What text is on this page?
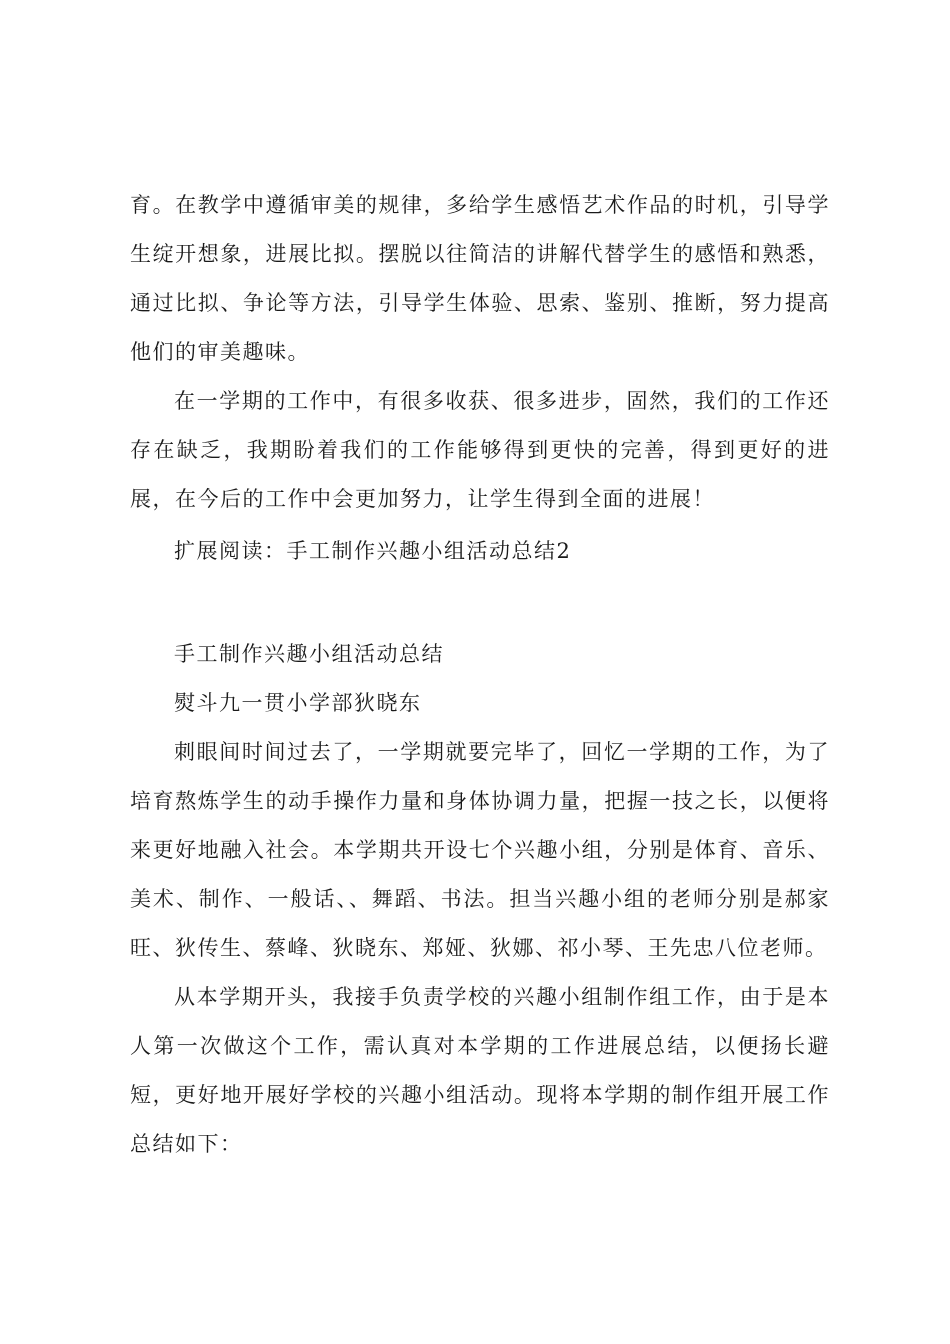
育。在教学中遵循审美的规律，多给学生感悟艺术作品的时机，引导学生绽开想象，进展比拟。摆脱以往简洁的讲解代替学生的感悟和熟悉，通过比拟、争论等方法，引导学生体验、思索、鉴别、推断，努力提高他们的审美趣味。

在一学期的工作中，有很多收获、很多进步，固然，我们的工作还存在缺乏，我期盼着我们的工作能够得到更快的完善，得到更好的进展，在今后的工作中会更加努力，让学生得到全面的进展！

扩展阅读：手工制作兴趣小组活动总结2

手工制作兴趣小组活动总结

熨斗九一贯小学部狄晓东

刺眼间时间过去了，一学期就要完毕了，回忆一学期的工作，为了培育熬炼学生的动手操作力量和身体协调力量，把握一技之长，以便将来更好地融入社会。本学期共开设七个兴趣小组，分别是体育、音乐、美术、制作、一般话、、舞蹈、书法。担当兴趣小组的老师分别是郝家旺、狄传生、蔡峰、狄晓东、郑娅、狄娜、祁小琴、王先忠八位老师。

从本学期开头，我接手负责学校的兴趣小组制作组工作，由于是本人第一次做这个工作，需认真对本学期的工作进展总结，以便扬长避短，更好地开展好学校的兴趣小组活动。现将本学期的制作组开展工作总结如下：
